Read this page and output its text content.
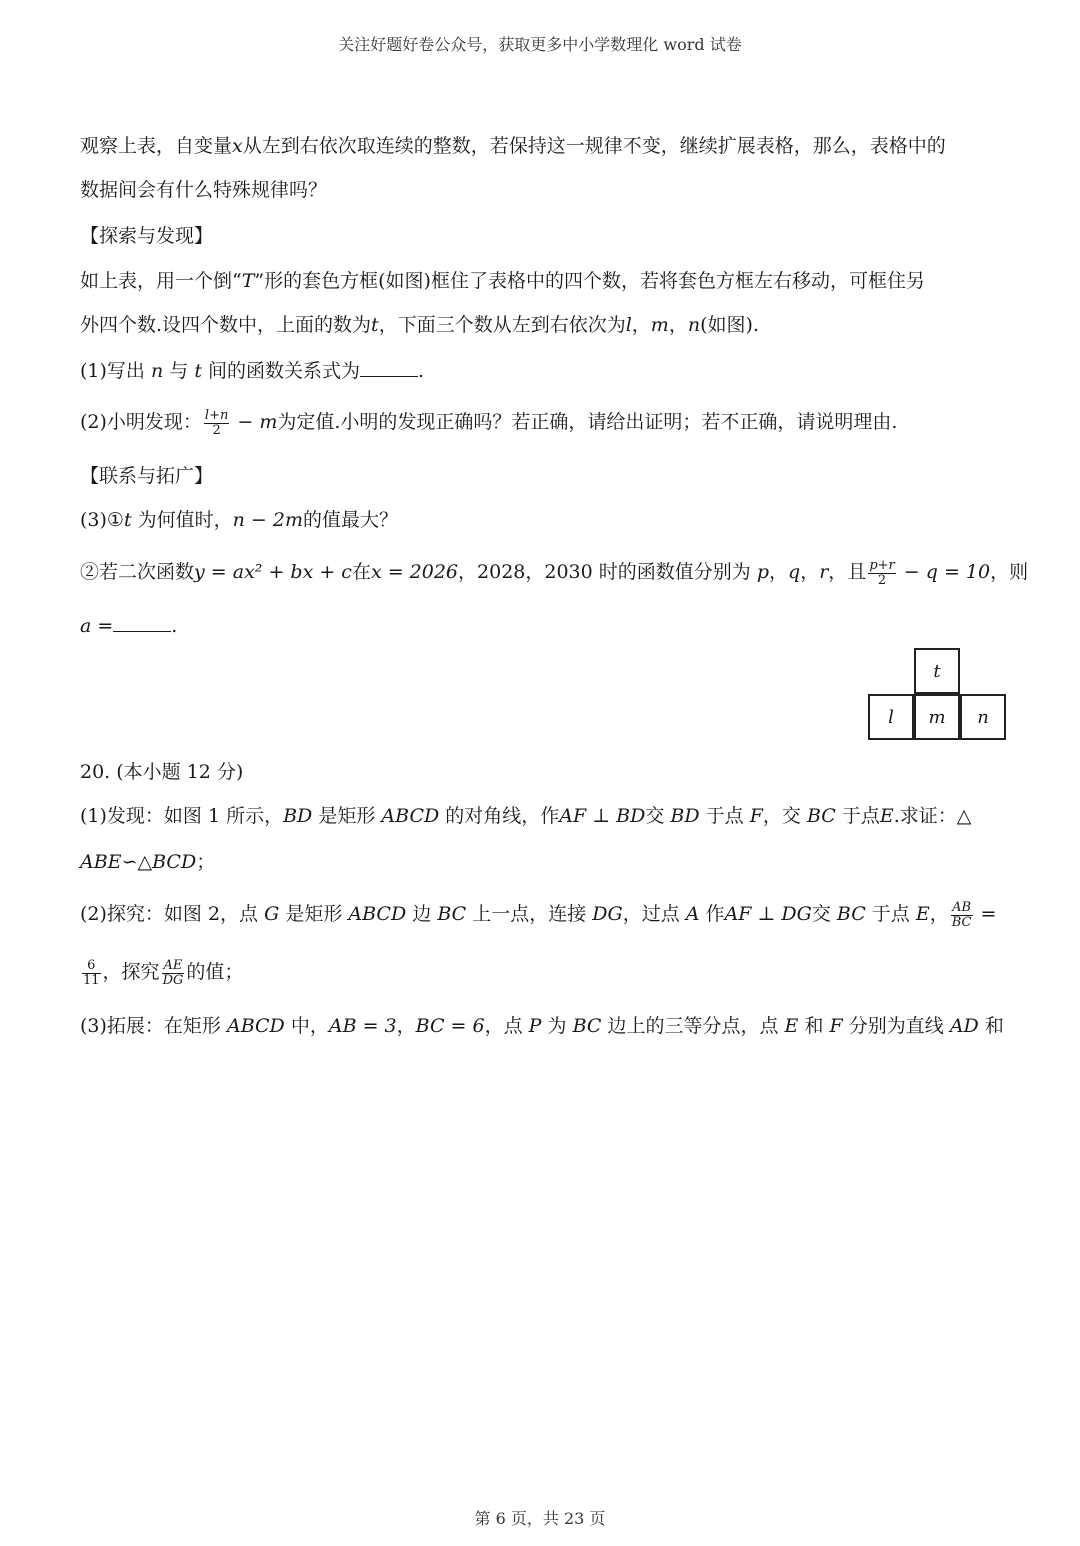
关注好题好卷公众号，获取更多中小学数理化 word 试卷
观察上表，自变量x从左到右依次取连续的整数，若保持这一规律不变，继续扩展表格，那么，表格中的
数据间会有什么特殊规律吗？
【探索与发现】
如上表，用一个倒“T”形的套色方框(如图)框住了表格中的四个数，若将套色方框左右移动，可框住另
外四个数.设四个数中，上面的数为t，下面三个数从左到右依次为l，m，n(如图).
(1)写出 n 与 t 间的函数关系式为	.
(2)小明发现： $\frac{l+n}{2} - m$为定值.小明的发现正确吗？若正确，请给出证明；若不正确，请说明理由.
【联系与拓广】
(3)①t 为何值时，n − 2m的值最大？
②若二次函数y = ax² + bx + c在x = 2026，2028，2030 时的函数值分别为 p，q，r，且 $\frac{p+r}{2} - q = 10$，则
a =	.
t
l	m	n
20. (本小题 12 分)
(1)发现：如图 1 所示，BD 是矩形 ABCD 的对角线，作AF ⊥ BD交 BD 于点 F，交 BC 于点E.求证：△
ABE∽△BCD；
(2)探究：如图 2，点 G 是矩形 ABCD 边 BC 上一点，连接 DG，过点 A 作AF ⊥ DG交 BC 于点 E， $\frac{AB}{BC}$ =
$\frac{6}{11}$ ，探究 $\frac{AE}{DG}$ 的值；
(3)拓展：在矩形 ABCD 中，AB = 3，BC = 6，点 P 为 BC 边上的三等分点，点 E 和 F 分别为直线 AD 和
第 6 页，共 23 页
